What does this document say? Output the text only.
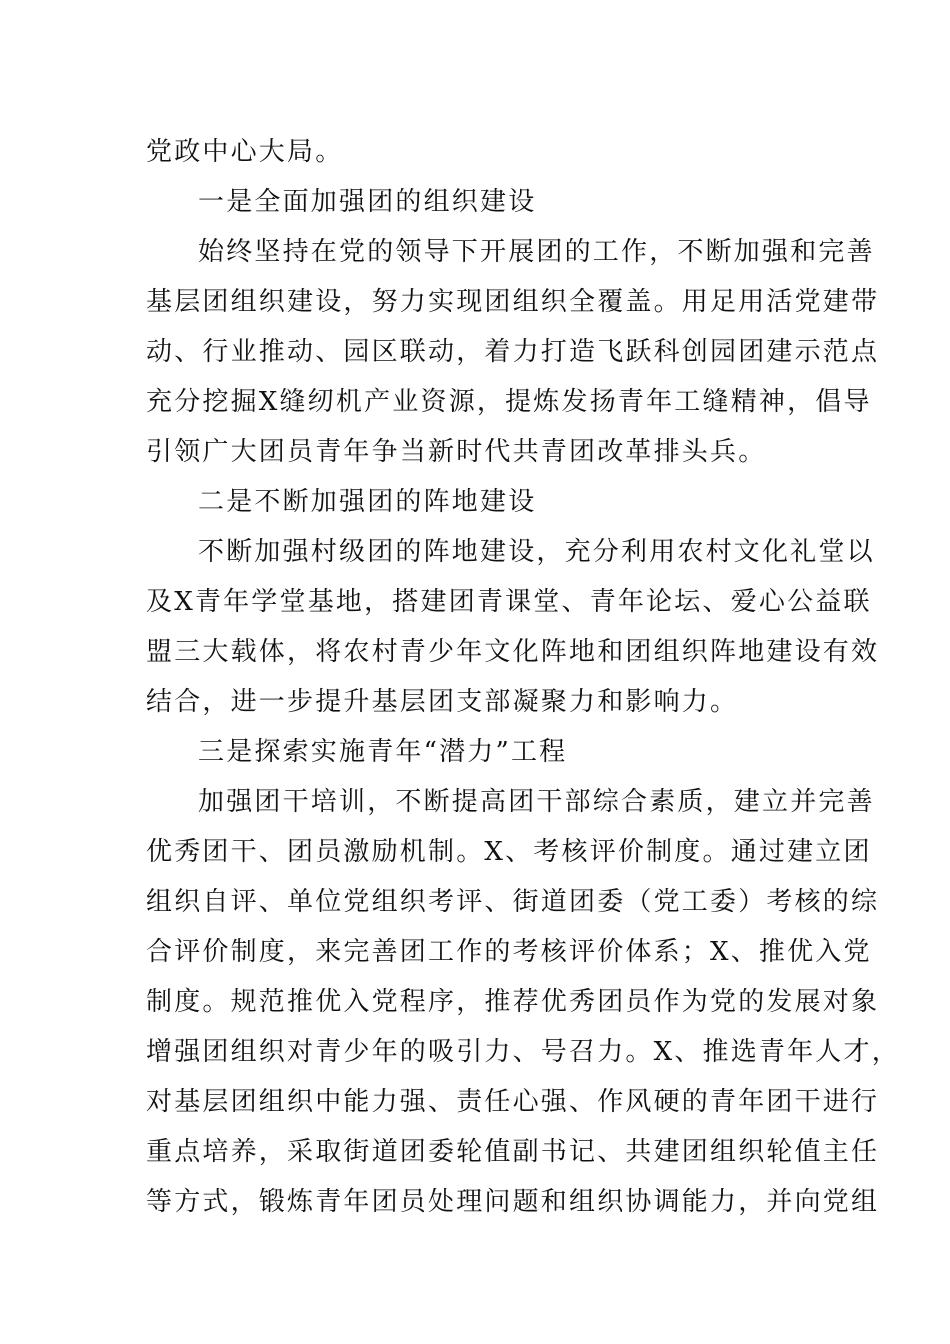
党政中心大局。

一是全面加强团的组织建设

始终坚持在党的领导下开展团的工作，不断加强和完善

基层团组织建设，努力实现团组织全覆盖。用足用活党建带

动、行业推动、园区联动，着力打造飞跃科创园团建示范点

充分挖掘X缝纫机产业资源，提炼发扬青年工缝精神，倡导

引领广大团员青年争当新时代共青团改革排头兵。

二是不断加强团的阵地建设

不断加强村级团的阵地建设，充分利用农村文化礼堂以

及X青年学堂基地，搭建团青课堂、青年论坛、爱心公益联

盟三大载体，将农村青少年文化阵地和团组织阵地建设有效

结合，进一步提升基层团支部凝聚力和影响力。

三是探索实施青年“潜力”工程

加强团干培训，不断提高团干部综合素质，建立并完善

优秀团干、团员激励机制。X、考核评价制度。通过建立团

组织自评、单位党组织考评、街道团委（党工委）考核的综

合评价制度，来完善团工作的考核评价体系；X、推优入党

制度。规范推优入党程序，推荐优秀团员作为党的发展对象

增强团组织对青少年的吸引力、号召力。X、推选青年人才，

对基层团组织中能力强、责任心强、作风硬的青年团干进行

重点培养，采取街道团委轮值副书记、共建团组织轮值主任

等方式，锻炼青年团员处理问题和组织协调能力，并向党组
